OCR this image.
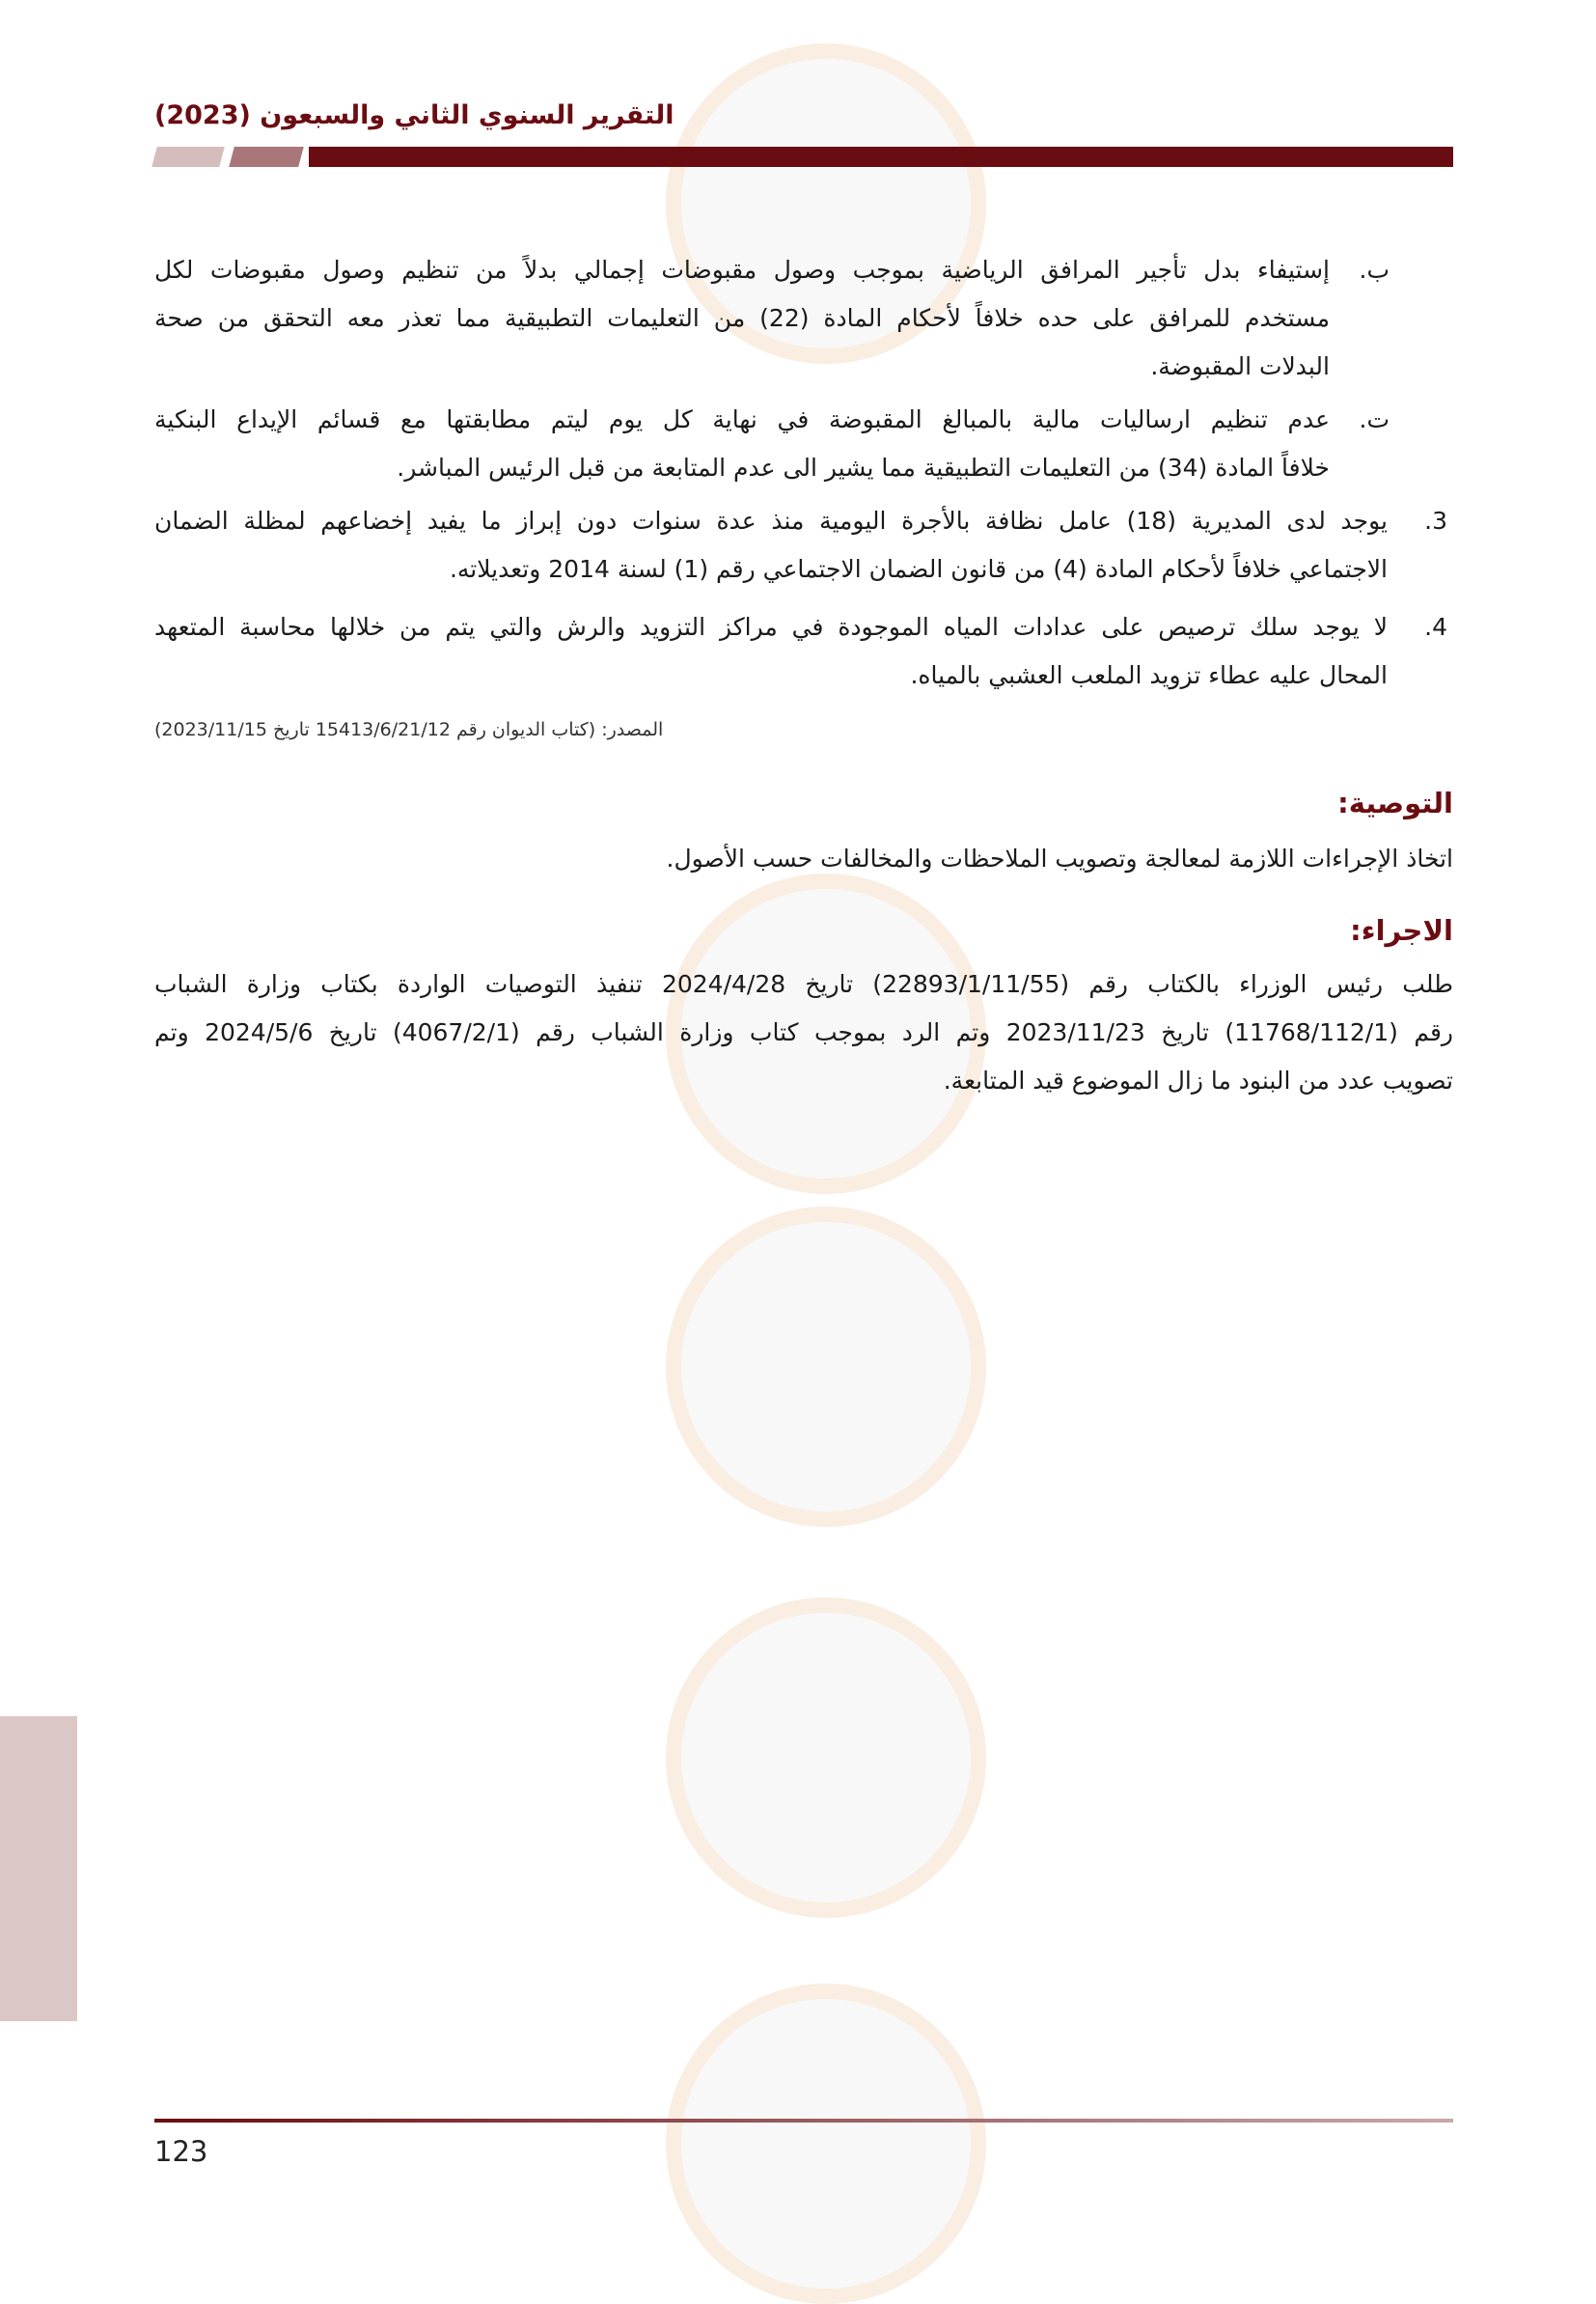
التقرير السنوي الثاني والسبعون (2023)
ب.
إستيفاء بدل تأجير المرافق الرياضية بموجب وصول مقبوضات إجمالي بدلاً من تنظيم وصول مقبوضات لكل
مستخدم للمرافق على حده خلافاً لأحكام المادة (22) من التعليمات التطبيقية مما تعذر معه التحقق من صحة
البدلات المقبوضة.
ت.
عدم تنظيم ارساليات مالية بالمبالغ المقبوضة في نهاية كل يوم ليتم مطابقتها مع قسائم الإيداع البنكية
خلافاً المادة (34) من التعليمات التطبيقية مما يشير الى عدم المتابعة من قبل الرئيس المباشر.
3.
يوجد لدى المديرية (18) عامل نظافة بالأجرة اليومية منذ عدة سنوات دون إبراز ما يفيد إخضاعهم لمظلة الضمان
الاجتماعي خلافاً لأحكام المادة (4) من قانون الضمان الاجتماعي رقم (1) لسنة 2014 وتعديلاته.
4.
لا يوجد سلك ترصيص على عدادات المياه الموجودة في مراكز التزويد والرش والتي يتم من خلالها محاسبة المتعهد
المحال عليه عطاء تزويد الملعب العشبي بالمياه.
المصدر: (كتاب الديوان رقم 15413/6/21/12 تاريخ 2023/11/15)
التوصية:
اتخاذ الإجراءات اللازمة لمعالجة وتصويب الملاحظات والمخالفات حسب الأصول.
الاجراء:
طلب رئيس الوزراء بالكتاب رقم (22893/1/11/55) تاريخ 2024/4/28 تنفيذ التوصيات الواردة بكتاب وزارة الشباب
رقم (11768/112/1) تاريخ 2023/11/23 وتم الرد بموجب كتاب وزارة الشباب رقم (4067/2/1) تاريخ 2024/5/6 وتم
تصويب عدد من البنود ما زال الموضوع قيد المتابعة.
123
